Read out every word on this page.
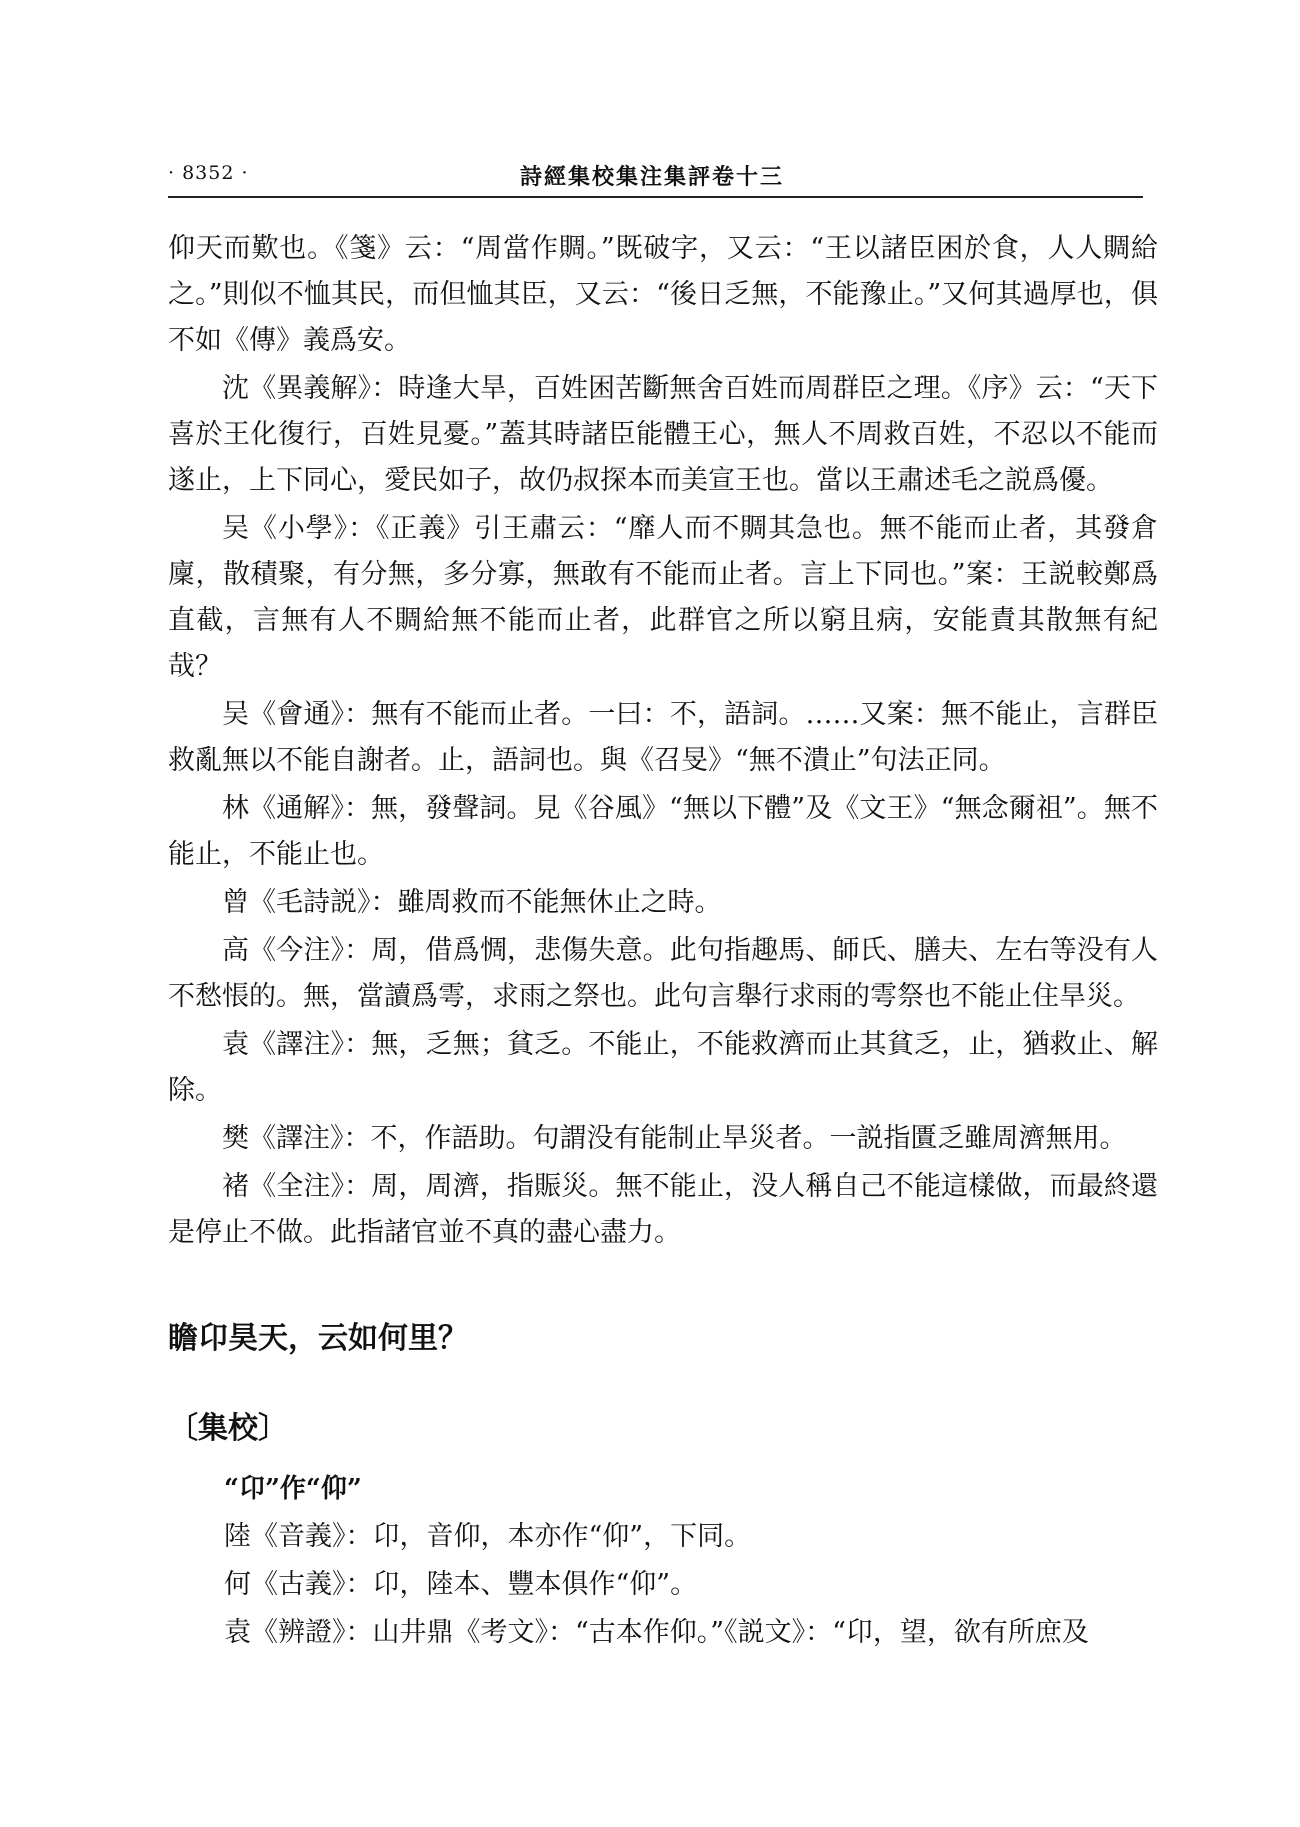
· 8352 ·	詩經集校集注集評卷十三

仰天而歎也。《箋》云：“周當作賙。”既破字，又云：“王以諸臣困於食，人人賙給之。”則似不恤其民，而但恤其臣，又云：“後日乏無，不能豫止。”又何其過厚也，俱不如《傳》義爲安。

沈《異義解》：時逢大旱，百姓困苦斷無舍百姓而周群臣之理。《序》云：“天下喜於王化復行，百姓見憂。”蓋其時諸臣能體王心，無人不周救百姓，不忍以不能而遂止，上下同心，愛民如子，故仍叔探本而美宣王也。當以王肅述毛之説爲優。

吴《小學》：《正義》引王肅云：“靡人而不賙其急也。無不能而止者，其發倉廩，散積聚，有分無，多分寡，無敢有不能而止者。言上下同也。”案：王説較鄭爲直截，言無有人不賙給無不能而止者，此群官之所以窮且病，安能責其散無有紀哉？

吴《會通》：無有不能而止者。一曰：不，語詞。……又案：無不能止，言群臣救亂無以不能自謝者。止，語詞也。與《召旻》“無不潰止”句法正同。

林《通解》：無，發聲詞。見《谷風》“無以下體”及《文王》“無念爾祖”。無不能止，不能止也。

曾《毛詩説》：雖周救而不能無休止之時。

高《今注》：周，借爲惆，悲傷失意。此句指趣馬、師氏、膳夫、左右等没有人不愁悵的。無，當讀爲雩，求雨之祭也。此句言舉行求雨的雩祭也不能止住旱災。

袁《譯注》：無，乏無；貧乏。不能止，不能救濟而止其貧乏，止，猶救止、解除。

樊《譯注》：不，作語助。句謂没有能制止旱災者。一説指匱乏雖周濟無用。

褚《全注》：周，周濟，指賑災。無不能止，没人稱自己不能這樣做，而最終還是停止不做。此指諸官並不真的盡心盡力。

瞻卬昊天，云如何里？
〔集校〕
“卬”作“仰”

陸《音義》：卬，音仰，本亦作“仰”，下同。

何《古義》：卬，陸本、豐本俱作“仰”。

袁《辨證》：山井鼎《考文》：“古本作仰。”《説文》：“卬，望，欲有所庶及
